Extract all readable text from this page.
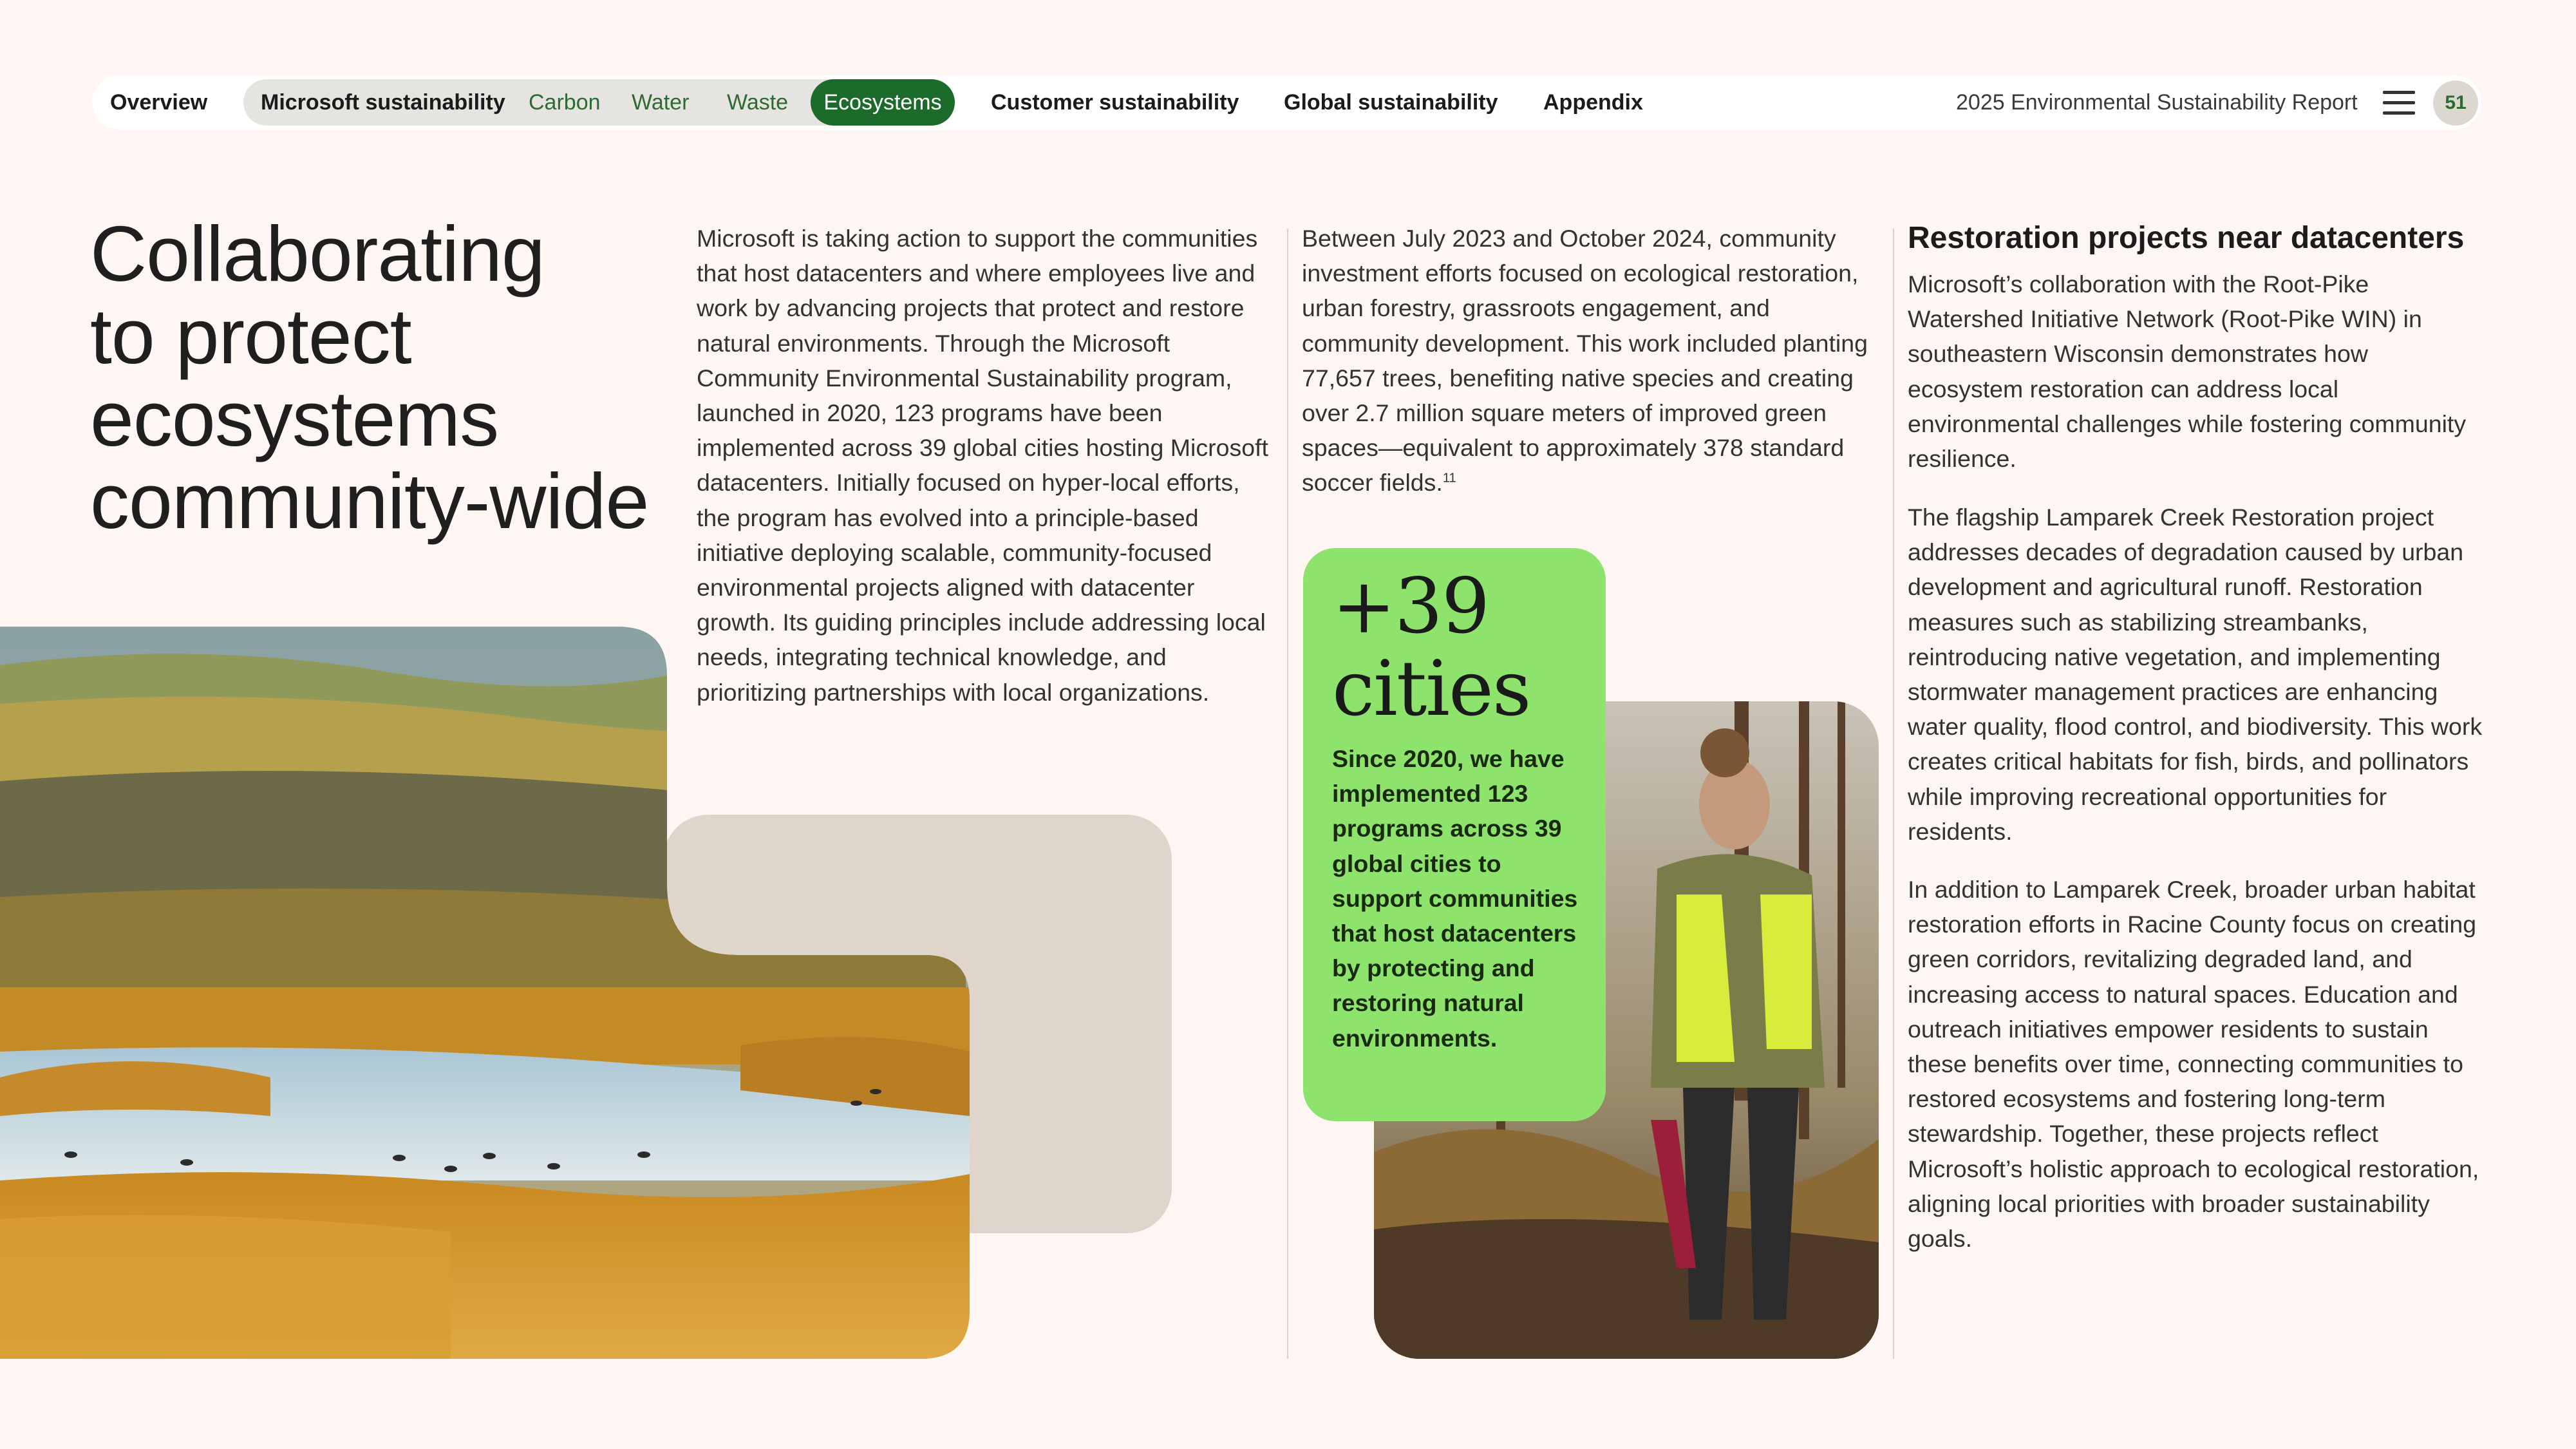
Overview Microsoft sustainability Carbon Water Waste	Ecosystems	Customer sustainability Global sustainability Appendix	2025 Environmental Sustainability Report	51
Collaborating
to protect
ecosystems
community-wide
+39
cities
Since 2020, we have implemented 123 programs across 39 global cities to support communities that host datacenters by protecting and restoring natural environments.
Microsoft is taking action to support the communities that host datacenters and where employees live and work by advancing projects that protect and restore natural environments. Through the Microsoft Community Environmental Sustainability program, launched in 2020, 123 programs have been implemented across 39 global cities hosting Microsoft datacenters. Initially focused on hyper-local efforts, the program has evolved into a principle-based initiative deploying scalable, community-focused environmental projects aligned with datacenter growth. Its guiding principles include addressing local needs, integrating technical knowledge, and prioritizing partnerships with local organizations.
Between July 2023 and October 2024, community investment efforts focused on ecological restoration, urban forestry, grassroots engagement, and community development. This work included planting 77,657 trees, benefiting native species and creating over 2.7 million square meters of improved green spaces—equivalent to approximately 378 standard soccer fields.$^{11}$
Restoration projects near datacenters
Microsoft’s collaboration with the Root-Pike Watershed Initiative Network (Root-Pike WIN) in southeastern Wisconsin demonstrates how ecosystem restoration can address local environmental challenges while fostering community resilience.
The flagship Lamparek Creek Restoration project addresses decades of degradation caused by urban development and agricultural runoff. Restoration measures such as stabilizing streambanks, reintroducing native vegetation, and implementing stormwater management practices are enhancing water quality, flood control, and biodiversity. This work creates critical habitats for fish, birds, and pollinators while improving recreational opportunities for residents.
In addition to Lamparek Creek, broader urban habitat restoration efforts in Racine County focus on creating green corridors, revitalizing degraded land, and increasing access to natural spaces. Education and outreach initiatives empower residents to sustain these benefits over time, connecting communities to restored ecosystems and fostering long-term stewardship. Together, these projects reflect Microsoft’s holistic approach to ecological restoration, aligning local priorities with broader sustainability goals.
